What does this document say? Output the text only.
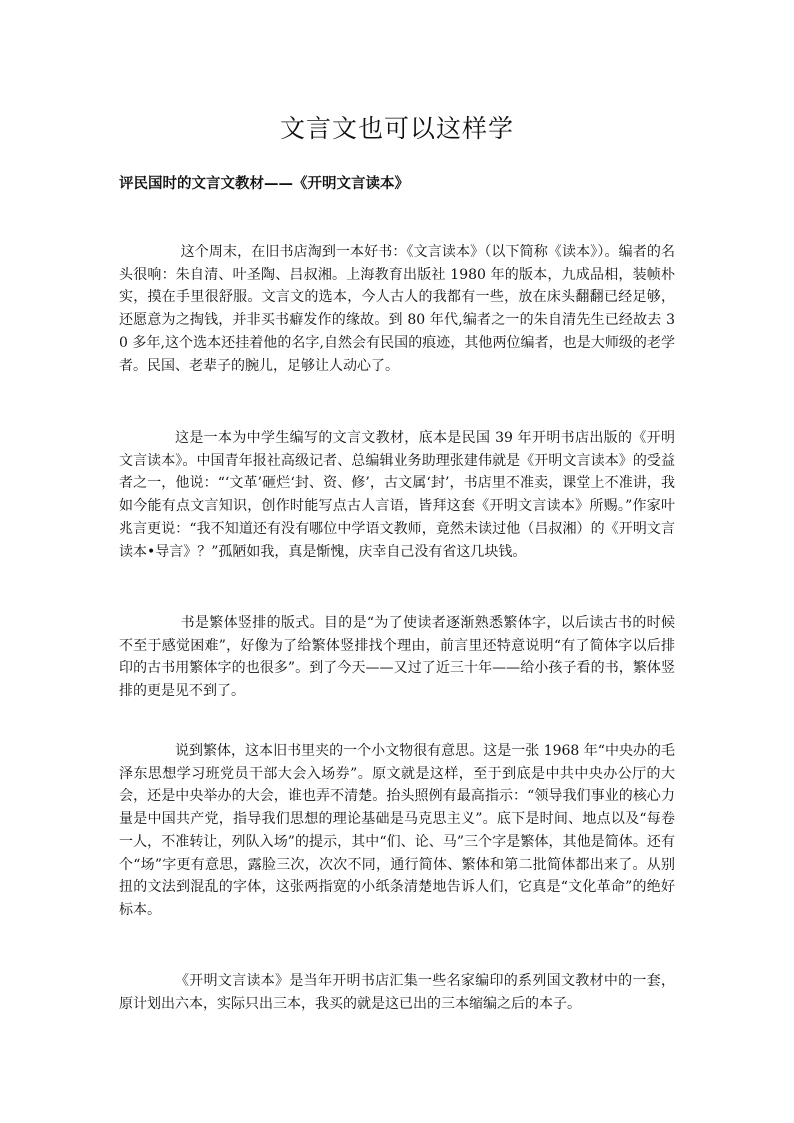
文言文也可以这样学
评民国时的文言文教材——《开明文言读本》

这个周末，在旧书店淘到一本好书：《文言读本》（以下简称《读本》）。编者的名头很响：朱自清、叶圣陶、吕叔湘。上海教育出版社 1980 年的版本，九成品相，装帧朴实，摸在手里很舒服。文言文的选本，今人古人的我都有一些，放在床头翻翻已经足够，还愿意为之掏钱，并非买书癖发作的缘故。到 80 年代,编者之一的朱自清先生已经故去 30 多年,这个选本还挂着他的名字,自然会有民国的痕迹，其他两位编者，也是大师级的老学者。民国、老辈子的腕儿，足够让人动心了。

这是一本为中学生编写的文言文教材，底本是民国 39 年开明书店出版的《开明文言读本》。中国青年报社高级记者、总编辑业务助理张建伟就是《开明文言读本》的受益者之一，他说：“‘文革’砸烂‘封、资、修’，古文属‘封’，书店里不准卖，课堂上不准讲，我如今能有点文言知识，创作时能写点古人言语，皆拜这套《开明文言读本》所赐。”作家叶兆言更说：“我不知道还有没有哪位中学语文教师，竟然未读过他（吕叔湘）的《开明文言读本•导言》？”孤陋如我，真是惭愧，庆幸自己没有省这几块钱。

书是繁体竖排的版式。目的是“为了使读者逐渐熟悉繁体字，以后读古书的时候不至于感觉困难”，好像为了给繁体竖排找个理由，前言里还特意说明“有了简体字以后排印的古书用繁体字的也很多”。到了今天——又过了近三十年——给小孩子看的书，繁体竖排的更是见不到了。

说到繁体，这本旧书里夹的一个小文物很有意思。这是一张 1968 年“中央办的毛泽东思想学习班党员干部大会入场券”。原文就是这样，至于到底是中共中央办公厅的大会，还是中央举办的大会，谁也弄不清楚。抬头照例有最高指示：“领导我们事业的核心力量是中国共产党，指导我们思想的理论基础是马克思主义”。底下是时间、地点以及“每卷一人，不准转让，列队入场”的提示，其中“们、论、马”三个字是繁体，其他是简体。还有个“场”字更有意思，露脸三次，次次不同，通行简体、繁体和第二批简体都出来了。从别扭的文法到混乱的字体，这张两指宽的小纸条清楚地告诉人们，它真是“文化革命”的绝好标本。

《开明文言读本》是当年开明书店汇集一些名家编印的系列国文教材中的一套，原计划出六本，实际只出三本，我买的就是这已出的三本缩编之后的本子。
